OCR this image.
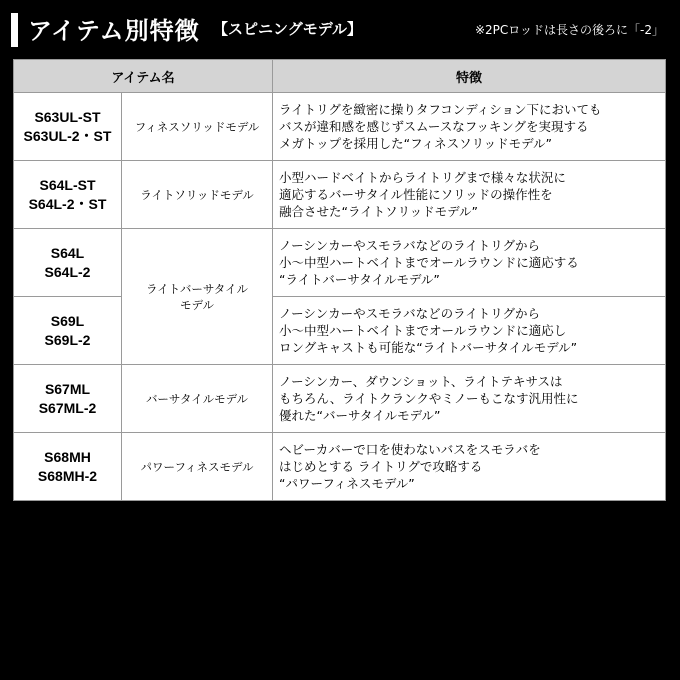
アイテム別特徴 【スピニングモデル】	※2PCロッドは長さの後ろに「-2」
アイテム名		特徴

S63UL-ST
S63UL-2・ST	フィネスソリッドモデル	ライトリグを緻密に操りタフコンディション下においても
バスが違和感を感じずスムースなフッキングを実現する
メガトップを採用した“フィネスソリッドモデル”

S64L-ST
S64L-2・ST	ライトソリッドモデル	小型ハードベイトからライトリグまで様々な状況に
適応するバーサタイル性能にソリッドの操作性を
融合させた“ライトソリッドモデル”

S64L
S64L-2	ライトバーサタイル
モデル	ノーシンカーやスモラバなどのライトリグから
小～中型ハートベイトまでオールラウンドに適応する
“ライトバーサタイルモデル”

S69L
S69L-2		ノーシンカーやスモラバなどのライトリグから
小～中型ハートベイトまでオールラウンドに適応し
ロングキャストも可能な“ライトバーサタイルモデル”

S67ML
S67ML-2	バーサタイルモデル	ノーシンカー、ダウンショット、ライトテキサスは
もちろん、ライトクランクやミノーもこなす汎用性に
優れた“バーサタイルモデル”

S68MH
S68MH-2	パワーフィネスモデル	ヘビーカバーで口を使わないバスをスモラバを
はじめとする ライトリグで攻略する
“パワーフィネスモデル”
